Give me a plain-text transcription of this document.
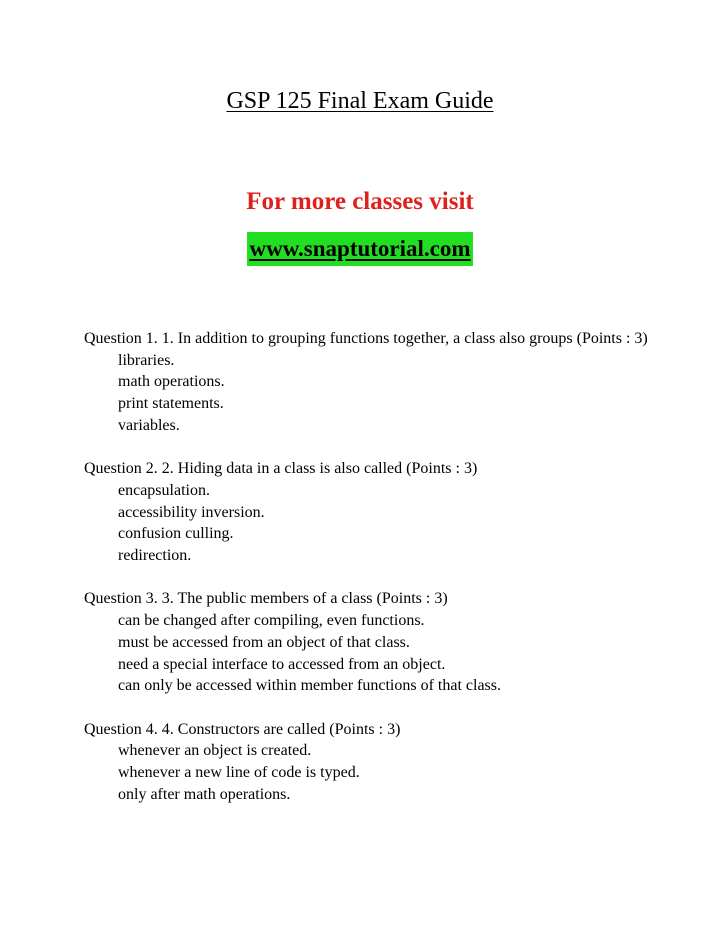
GSP 125 Final Exam Guide
For more classes visit
www.snaptutorial.com
Question 1. 1. In addition to grouping functions together, a class also groups (Points : 3)
libraries.
math operations.
print statements.
variables.
Question 2. 2. Hiding data in a class is also called (Points : 3)
encapsulation.
accessibility inversion.
confusion culling.
redirection.
Question 3. 3. The public members of a class (Points : 3)
can be changed after compiling, even functions.
must be accessed from an object of that class.
need a special interface to accessed from an object.
can only be accessed within member functions of that class.
Question 4. 4. Constructors are called (Points : 3)
whenever an object is created.
whenever a new line of code is typed.
only after math operations.
